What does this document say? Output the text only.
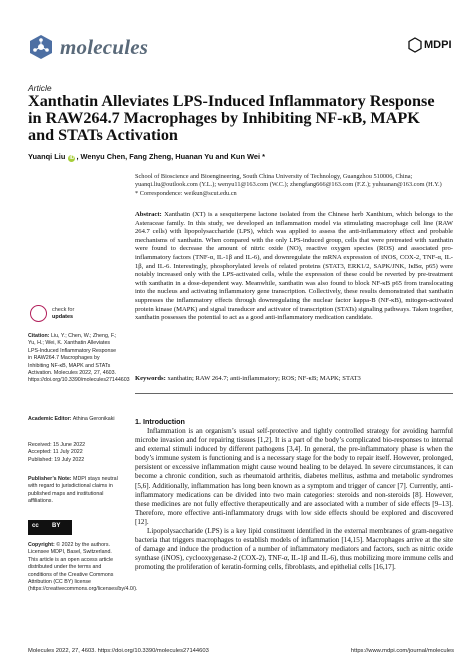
molecules	MDPI
Article
Xanthatin Alleviates LPS-Induced Inflammatory Response in RAW264.7 Macrophages by Inhibiting NF-κB, MAPK and STATs Activation
Yuanqi Liu iD , Wenyu Chen, Fang Zheng, Huanan Yu and Kun Wei *
School of Bioscience and Bioengineering, South China University of Technology, Guangzhou 510006, China; yuanqi.liu@outlook.com (Y.L.); wenyu11@163.com (W.C.); zhengfang666@163.com (F.Z.); yuhuanan@163.com (H.Y.)
* Correspondence: weikun@scut.edu.cn

Abstract: Xanthatin (XT) is a sesquiterpene lactone isolated from the Chinese herb Xanthium, which belongs to the Asteraceae family. In this study, we developed an inflammation model via stimulating macrophage cell line (RAW 264.7 cells) with lipopolysaccharide (LPS), which was applied to assess the anti-inflammatory effect and probable mechanisms of xanthatin. When compared with the only LPS-induced group, cells that were pretreated with xanthatin were found to decrease the amount of nitric oxide (NO), reactive oxygen species (ROS) and associated pro-inflammatory factors (TNF-α, IL-1β and IL-6), and downregulate the mRNA expression of iNOS, COX-2, TNF-α, IL-1β, and IL-6. Interestingly, phosphorylated levels of related proteins (STAT3, ERK1/2, SAPK/JNK, IκBα, p65) were notably increased only with the LPS-activated cells, while the expression of these could be reverted by pre-treatment with xanthatin in a dose-dependent way. Meanwhile, xanthatin was also found to block NF-κB p65 from translocating into the nucleus and activating inflammatory gene transcription. Collectively, these results demonstrated that xanthatin suppresses the inflammatory effects through downregulating the nuclear factor kappa-B (NF-κB), mitogen-activated protein kinase (MAPK) and signal transducer and activator of transcription (STATs) signaling pathways. Taken together, xanthatin possesses the potential to act as a good anti-inflammatory medication candidate.

Keywords: xanthatin; RAW 264.7; anti-inflammatory; ROS; NF-κB; MAPK; STAT3
1. Introduction

Inflammation is an organism’s usual self-protective and tightly controlled strategy for avoiding harmful microbe invasion and for repairing tissues [1,2]. It is a part of the body’s complicated bio-responses to internal and external stimuli induced by different pathogens [3,4]. In general, the pre-inflammatory phase is when the body’s immune system is functioning and is a necessary stage for the body to repair itself. However, prolonged, persistent or excessive inflammation might cause wound healing to be delayed. In severe circumstances, it can become a chronic condition, such as rheumatoid arthritis, diabetes mellitus, asthma and metabolic syndromes [5,6]. Additionally, inflammation has long been known as a symptom and trigger of cancer [7]. Currently, anti-inflammatory medications can be divided into two main categories: steroids and non-steroids [8]. However, these medicines are not fully effective therapeutically and are associated with a number of side effects [9–13]. Therefore, more effective anti-inflammatory drugs with low side effects should be explored and discovered [12].

Lipopolysaccharide (LPS) is a key lipid constituent identified in the external membranes of gram-negative bacteria that triggers macrophages to establish models of inflammation [14,15]. Macrophages arrive at the site of damage and induce the production of a number of inflammatory mediators and factors, such as nitric oxide synthase (iNOS), cyclooxygenase-2 (COX-2), TNF-α, IL-1β and IL-6), thus mobilizing more immune cells and promoting the proliferation of keratin-forming cells, fibroblasts, and epithelial cells [16,17].

check for
updates
Citation: Liu, Y.; Chen, W.; Zheng, F.; Yu, H.; Wei, K. Xanthatin Alleviates LPS-Induced Inflammatory Response in RAW264.7 Macrophages by Inhibiting NF-κB, MAPK and STATs Activation. Molecules 2022, 27, 4603. https://doi.org/10.3390/molecules27144603
Academic Editor: Athina Geronikaki
Received: 15 June 2022
Accepted: 11 July 2022
Published: 19 July 2022
Publisher’s Note: MDPI stays neutral with regard to jurisdictional claims in published maps and institutional affiliations.
cc BY
Copyright: © 2022 by the authors. Licensee MDPI, Basel, Switzerland. This article is an open access article distributed under the terms and conditions of the Creative Commons Attribution (CC BY) license (https://creativecommons.org/licenses/by/4.0/).
Molecules 2022, 27, 4603. https://doi.org/10.3390/molecules27144603	https://www.mdpi.com/journal/molecules
